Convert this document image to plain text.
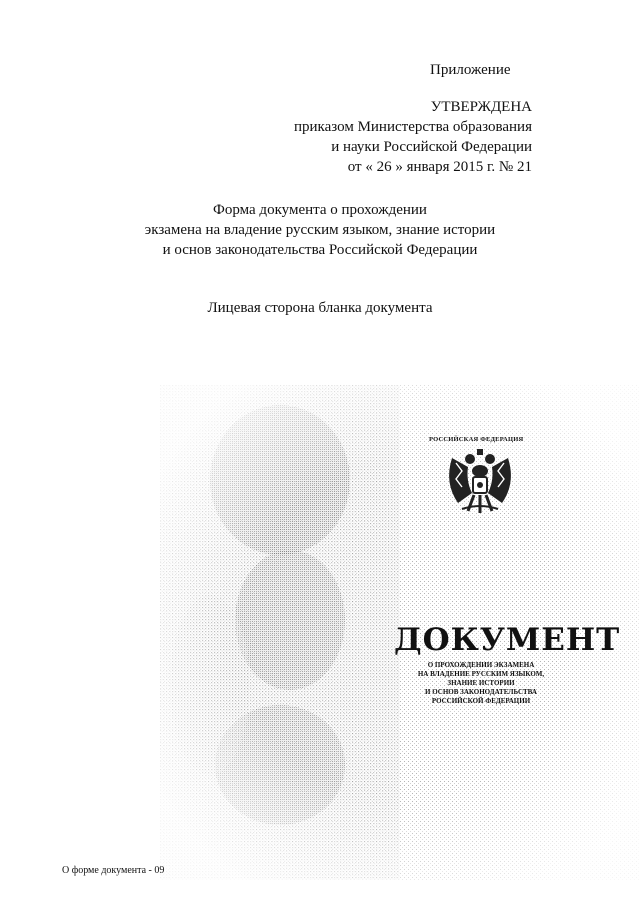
Приложение
УТВЕРЖДЕНА
приказом Министерства образования
и науки Российской Федерации
от « 26 » января 2015 г. № 21
Форма документа о прохождении
экзамена на владение русским языком, знание истории
и основ законодательства Российской Федерации
Лицевая сторона бланка документа
РОССИЙСКАЯ ФЕДЕРАЦИЯ
ДОКУМЕНТ
О ПРОХОЖДЕНИИ ЭКЗАМЕНА
НА ВЛАДЕНИЕ РУССКИМ ЯЗЫКОМ,
ЗНАНИЕ ИСТОРИИ
И ОСНОВ ЗАКОНОДАТЕЛЬСТВА
РОССИЙСКОЙ ФЕДЕРАЦИИ
О форме документа - 09
